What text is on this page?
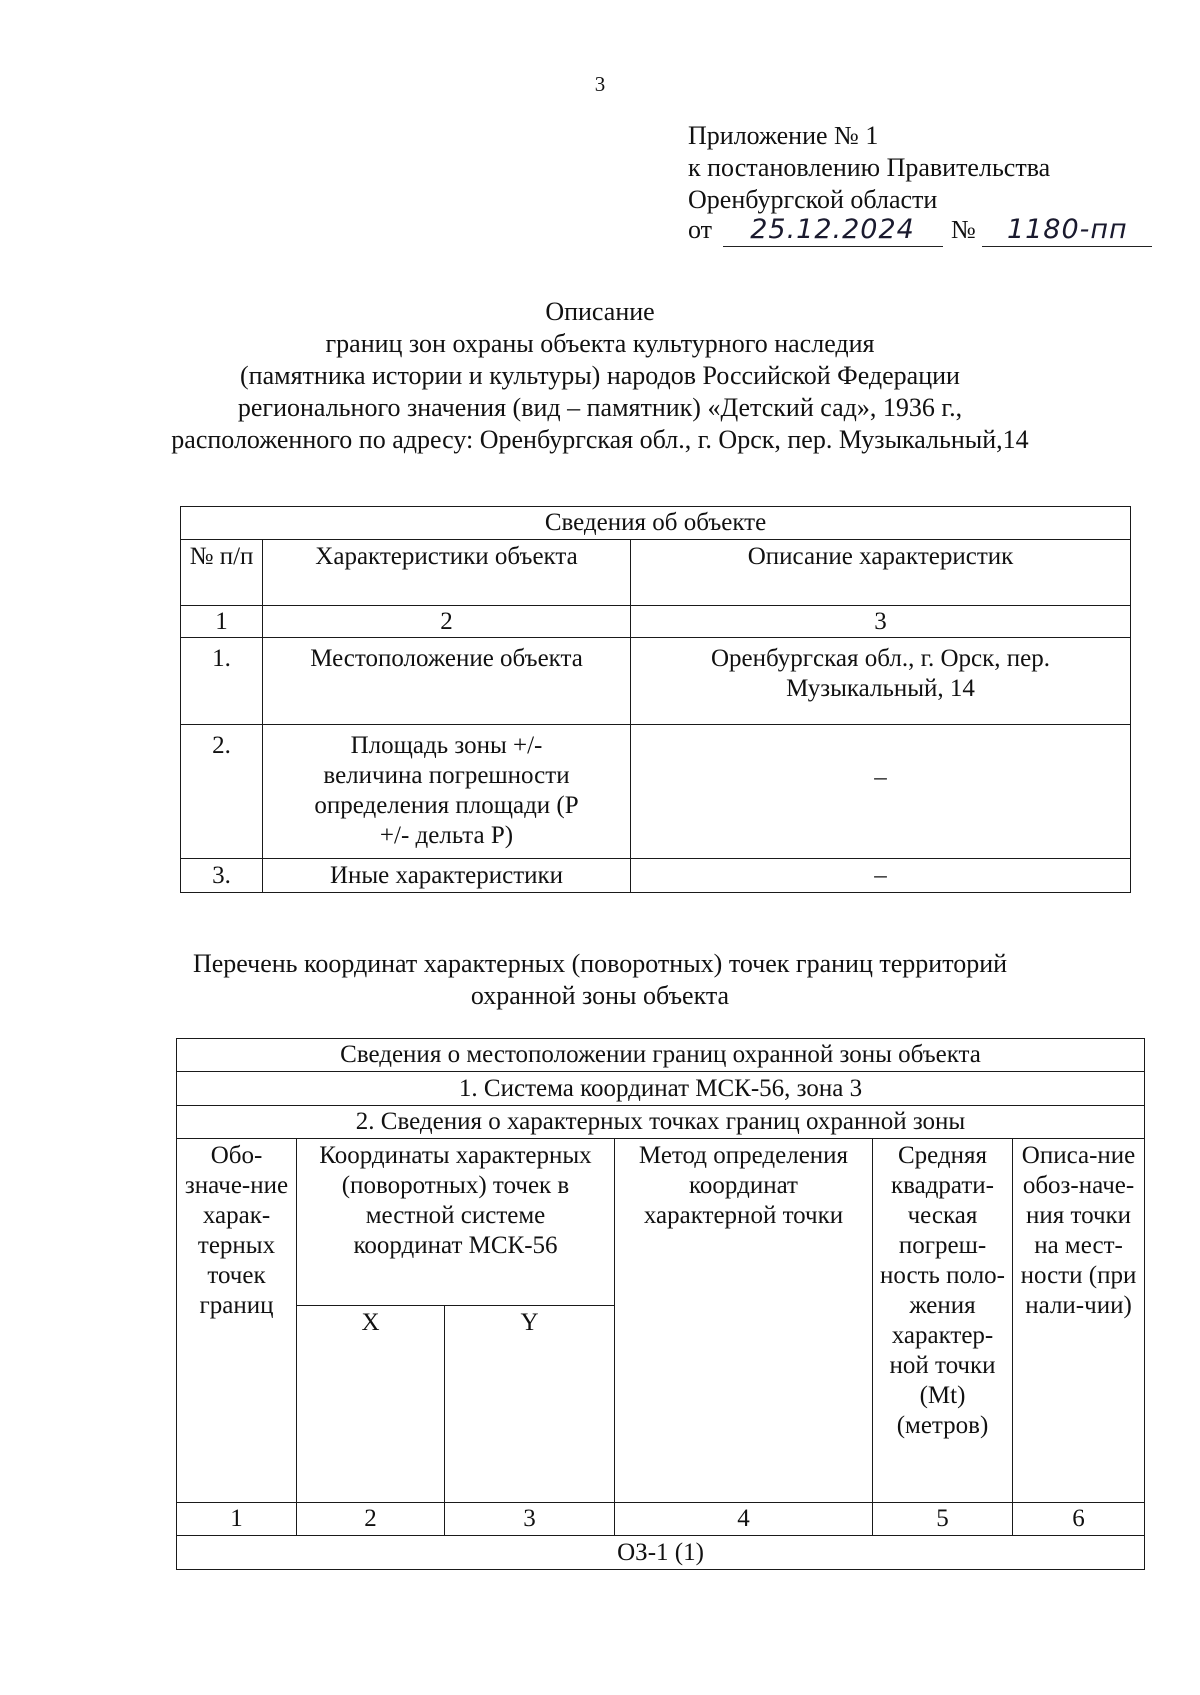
3
Приложение № 1
к постановлению Правительства
Оренбургской области
от 25.12.2024 № 1180-пп
Описание
границ зон охраны объекта культурного наследия
(памятника истории и культуры) народов Российской Федерации
регионального значения (вид – памятник) «Детский сад», 1936 г.,
расположенного по адресу: Оренбургская обл., г. Орск, пер. Музыкальный,14
Сведения об объекте		
№ п/п	Характеристики объекта	Описание характеристик
1	2	3
1.	Местоположение объекта	Оренбургская обл., г. Орск, пер. Музыкальный, 14
2.	Площадь зоны +/- величина погрешности определения площади (P +/- дельта P)	–
3.	Иные характеристики	–
Перечень координат характерных (поворотных) точек границ территорий
охранной зоны объекта
Сведения о местоположении границ охранной зоны объекта					
1. Система координат МСК-56, зона 3					
2. Сведения о характерных точках границ охранной зоны					
Обо-значе-ние харак-терных точек границ	Координаты характерных (поворотных) точек в местной системе координат МСК-56		Метод определения координат характерной точки	Средняя квадрати-ческая погреш-ность поло-жения характер-ной точки (Mt) (метров)	Описа-ние обоз-наче-ния точки на мест-ности (при нали-чии)
	X	Y			
1	2	3	4	5	6
ОЗ-1 (1)					
